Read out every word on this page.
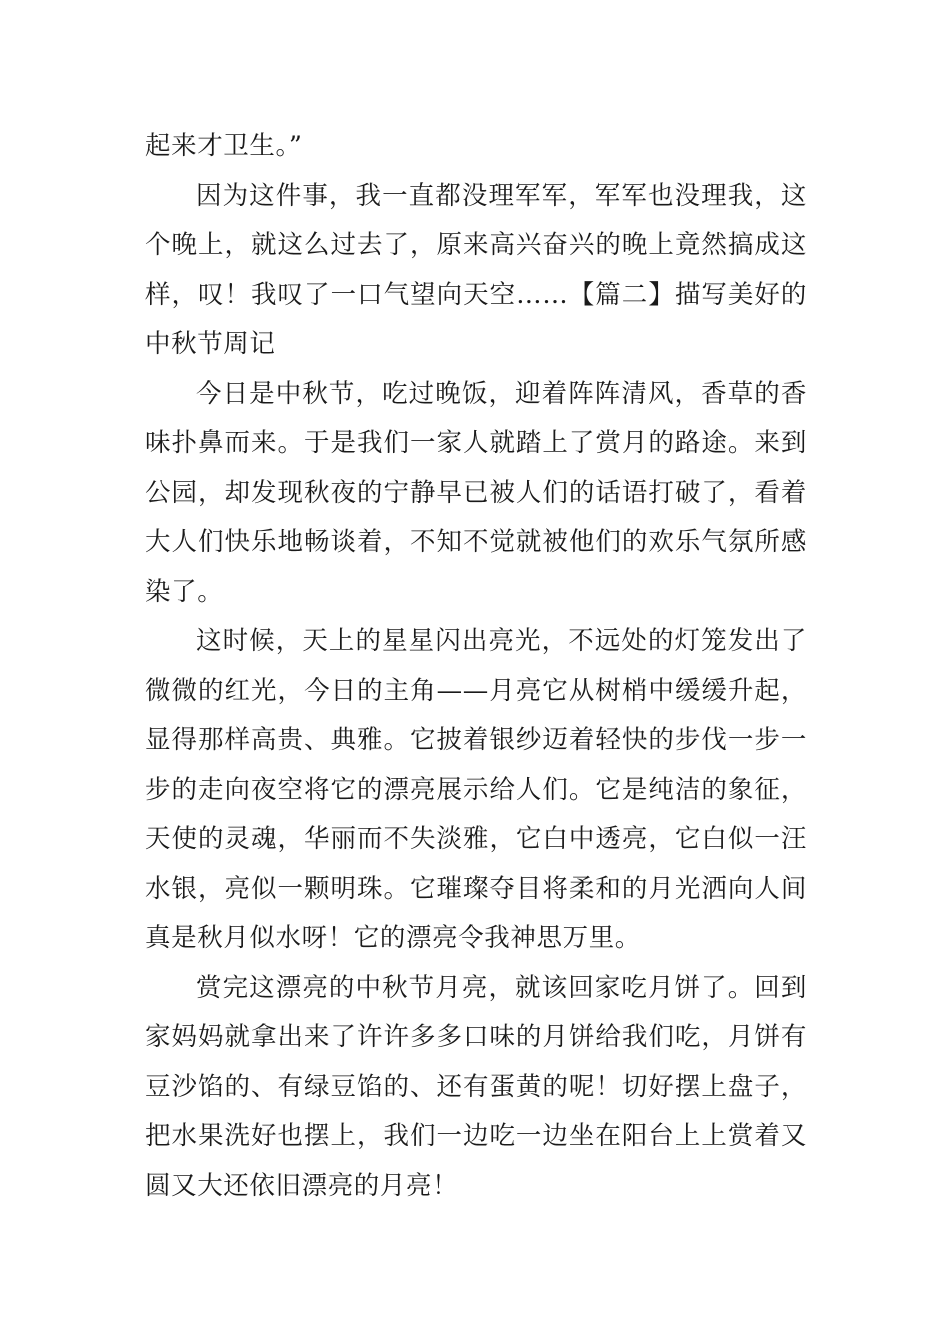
起来才卫生。”

因为这件事，我一直都没理军军，军军也没理我，这个晚上，就这么过去了，原来高兴奋兴的晚上竟然搞成这样，叹！我叹了一口气望向天空……【篇二】描写美好的中秋节周记

今日是中秋节，吃过晚饭，迎着阵阵清风，香草的香味扑鼻而来。于是我们一家人就踏上了赏月的路途。来到公园，却发现秋夜的宁静早已被人们的话语打破了，看着大人们快乐地畅谈着，不知不觉就被他们的欢乐气氛所感染了。

这时候，天上的星星闪出亮光，不远处的灯笼发出了微微的红光，今日的主角——月亮它从树梢中缓缓升起，显得那样高贵、典雅。它披着银纱迈着轻快的步伐一步一步的走向夜空将它的漂亮展示给人们。它是纯洁的象征，天使的灵魂，华丽而不失淡雅，它白中透亮，它白似一汪水银，亮似一颗明珠。它璀璨夺目将柔和的月光洒向人间真是秋月似水呀！它的漂亮令我神思万里。

赏完这漂亮的中秋节月亮，就该回家吃月饼了。回到家妈妈就拿出来了许许多多口味的月饼给我们吃，月饼有豆沙馅的、有绿豆馅的、还有蛋黄的呢！切好摆上盘子，把水果洗好也摆上，我们一边吃一边坐在阳台上上赏着又圆又大还依旧漂亮的月亮！
